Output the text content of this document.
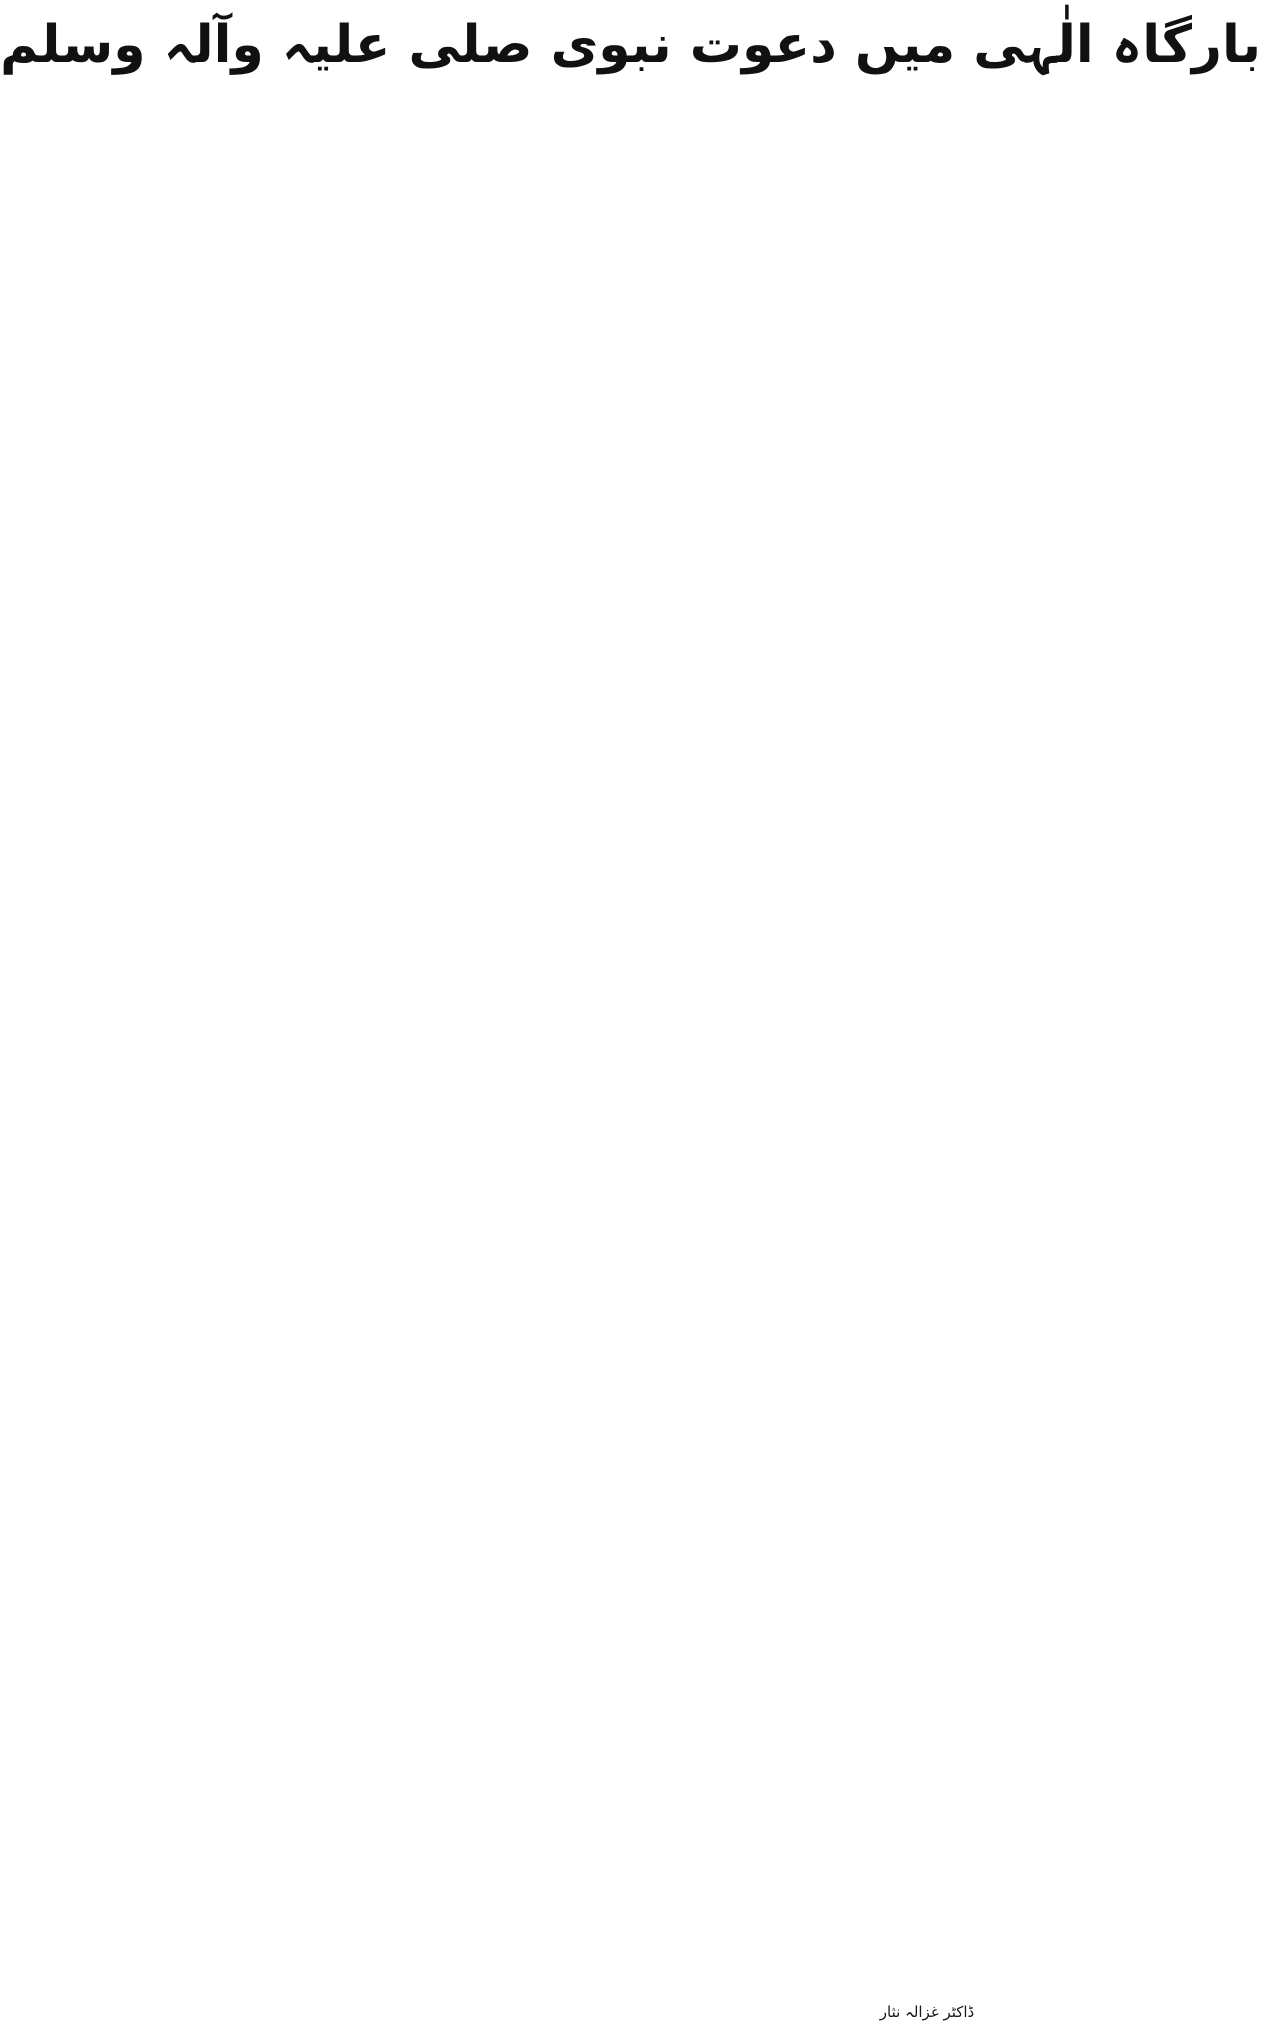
بارگاہ الٰہی میں دعوت نبوی صلی علیہ وآلہ وسلم
ڈاکٹر غزالہ نثار
